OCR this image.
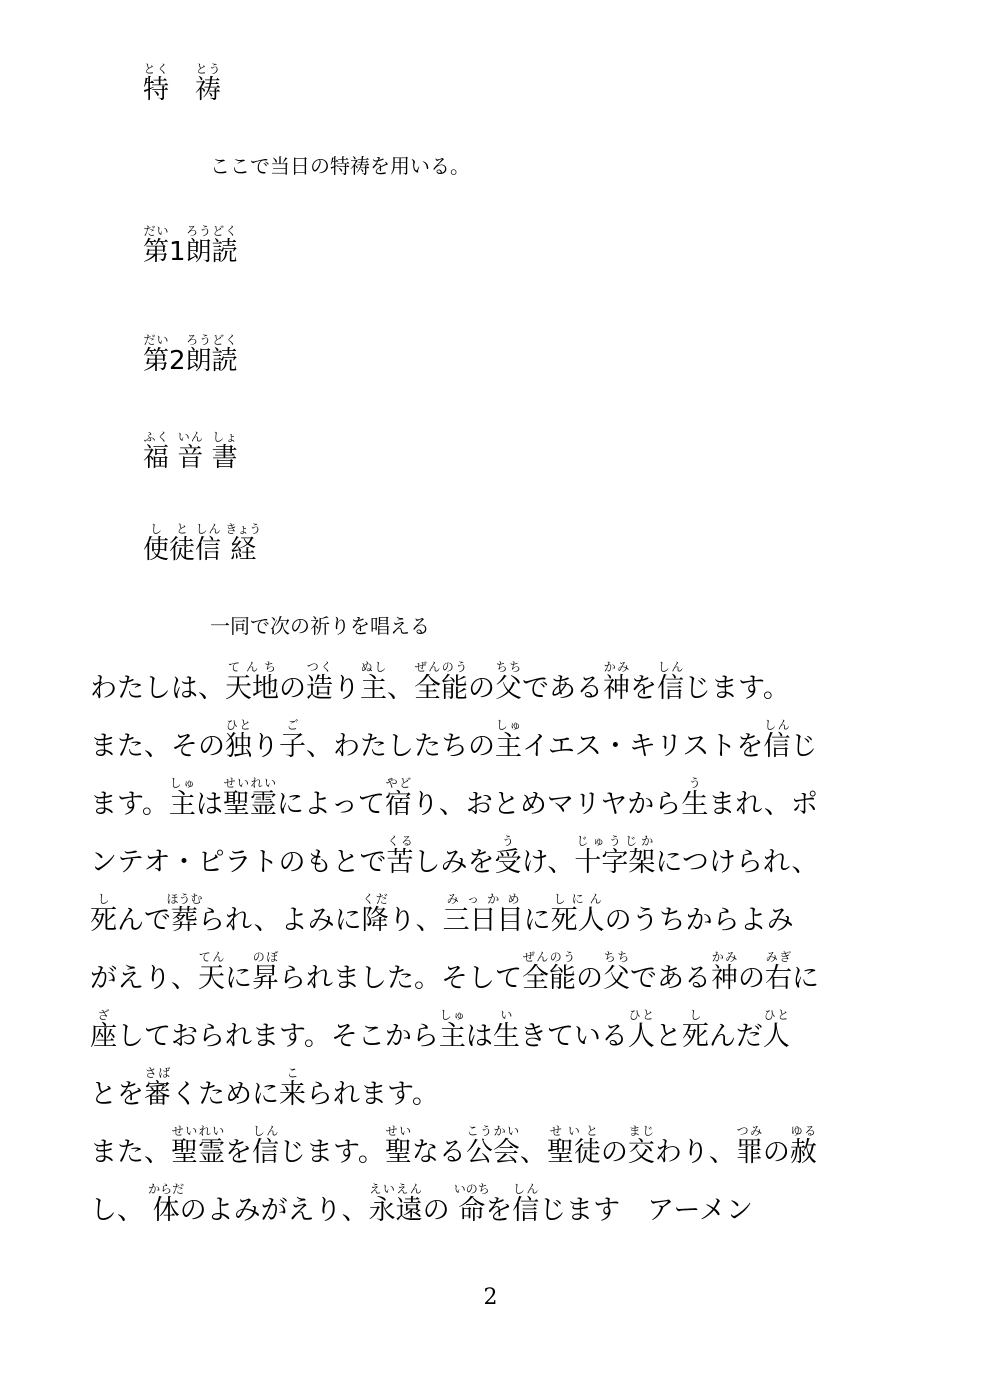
特とく　祷とう
ここで当日の特祷を用いる。
第だい1朗読ろうどく
第だい2朗読ろうどく
福ふく 音いん 書しょ
使し徒と信しん 経きょう
一同で次の祈りを唱える
わたしは、天地てんちの造つくり主ぬし、全能ぜんのうの父ちちである神かみを信しんじます。
また、その独ひとり子ご、わたしたちの主しゅイエス・キリストを信しんじ
ます。主しゅは聖霊せいれいによって宿やどり、おとめマリヤから生うまれ、ポ
ンテオ・ピラトのもとで苦くるしみを受うけ、十字架じゅうじかにつけられ、
死しんで葬ほうむられ、よみに降くだり、三日目みっかめに死人しにんのうちからよみ
がえり、天てんに昇のぼられました。そして全能ぜんのうの父ちちである神かみの右みぎに
座ざしておられます。そこから主しゅは生いきている人ひとと死しんだ人ひと
とを審さばくために来こられます。
また、聖霊せいれいを信しんじます。聖せいなる公会こうかい、聖徒せいとの交まじわり、罪つみの赦ゆる
し、 体からだのよみがえり、永遠えいえんの 命いのちを信しんじます　アーメン
2
